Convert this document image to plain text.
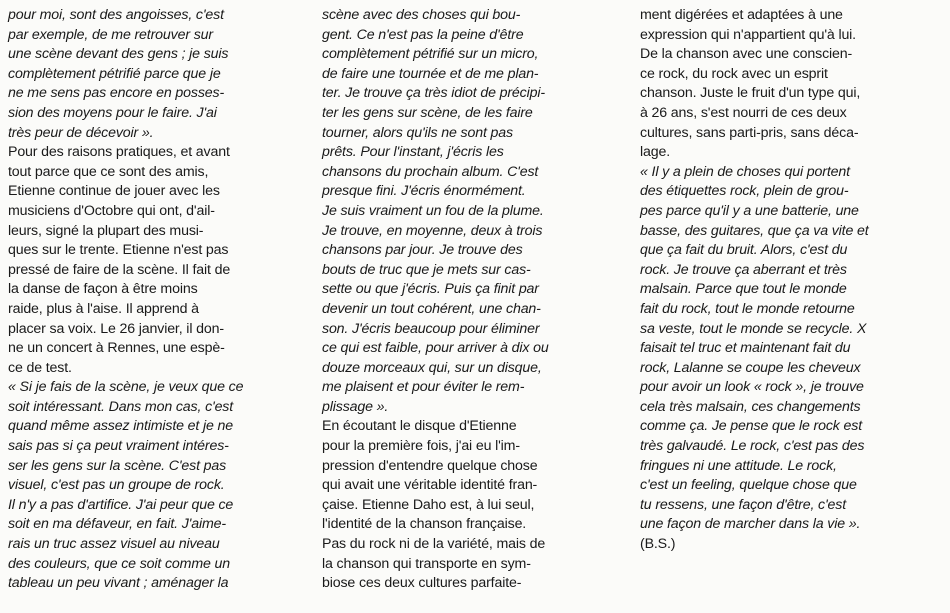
pour moi, sont des angoisses, c'est

par exemple, de me retrouver sur

une scène devant des gens ; je suis

complètement pétrifié parce que je

ne me sens pas encore en posses-

sion des moyens pour le faire. J'ai

très peur de décevoir ».

Pour des raisons pratiques, et avant

tout parce que ce sont des amis,

Etienne continue de jouer avec les

musiciens d'Octobre qui ont, d'ail-

leurs, signé la plupart des musi-

ques sur le trente. Etienne n'est pas

pressé de faire de la scène. Il fait de

la danse de façon à être moins

raide, plus à l'aise. Il apprend à

placer sa voix. Le 26 janvier, il don-

ne un concert à Rennes, une espè-

ce de test.

« Si je fais de la scène, je veux que ce

soit intéressant. Dans mon cas, c'est

quand même assez intimiste et je ne

sais pas si ça peut vraiment intéres-

ser les gens sur la scène. C'est pas

visuel, c'est pas un groupe de rock.

Il n'y a pas d'artifice. J'ai peur que ce

soit en ma défaveur, en fait. J'aime-

rais un truc assez visuel au niveau

des couleurs, que ce soit comme un

tableau un peu vivant ; aménager la

scène avec des choses qui bou-

gent. Ce n'est pas la peine d'être

complètement pétrifié sur un micro,

de faire une tournée et de me plan-

ter. Je trouve ça très idiot de précipi-

ter les gens sur scène, de les faire

tourner, alors qu'ils ne sont pas

prêts. Pour l'instant, j'écris les

chansons du prochain album. C'est

presque fini. J'écris énormément.

Je suis vraiment un fou de la plume.

Je trouve, en moyenne, deux à trois

chansons par jour. Je trouve des

bouts de truc que je mets sur cas-

sette ou que j'écris. Puis ça finit par

devenir un tout cohérent, une chan-

son. J'écris beaucoup pour éliminer

ce qui est faible, pour arriver à dix ou

douze morceaux qui, sur un disque,

me plaisent et pour éviter le rem-

plissage ».

En écoutant le disque d'Etienne

pour la première fois, j'ai eu l'im-

pression d'entendre quelque chose

qui avait une véritable identité fran-

çaise. Etienne Daho est, à lui seul,

l'identité de la chanson française.

Pas du rock ni de la variété, mais de

la chanson qui transporte en sym-

biose ces deux cultures parfaite-

ment digérées et adaptées à une

expression qui n'appartient qu'à lui.

De la chanson avec une conscien-

ce rock, du rock avec un esprit

chanson. Juste le fruit d'un type qui,

à 26 ans, s'est nourri de ces deux

cultures, sans parti-pris, sans déca-

lage.

« Il y a plein de choses qui portent

des étiquettes rock, plein de grou-

pes parce qu'il y a une batterie, une

basse, des guitares, que ça va vite et

que ça fait du bruit. Alors, c'est du

rock. Je trouve ça aberrant et très

malsain. Parce que tout le monde

fait du rock, tout le monde retourne

sa veste, tout le monde se recycle. X

faisait tel truc et maintenant fait du

rock, Lalanne se coupe les cheveux

pour avoir un look « rock », je trouve

cela très malsain, ces changements

comme ça. Je pense que le rock est

très galvaudé. Le rock, c'est pas des

fringues ni une attitude. Le rock,

c'est un feeling, quelque chose que

tu ressens, une façon d'être, c'est

une façon de marcher dans la vie ».

(B.S.)
